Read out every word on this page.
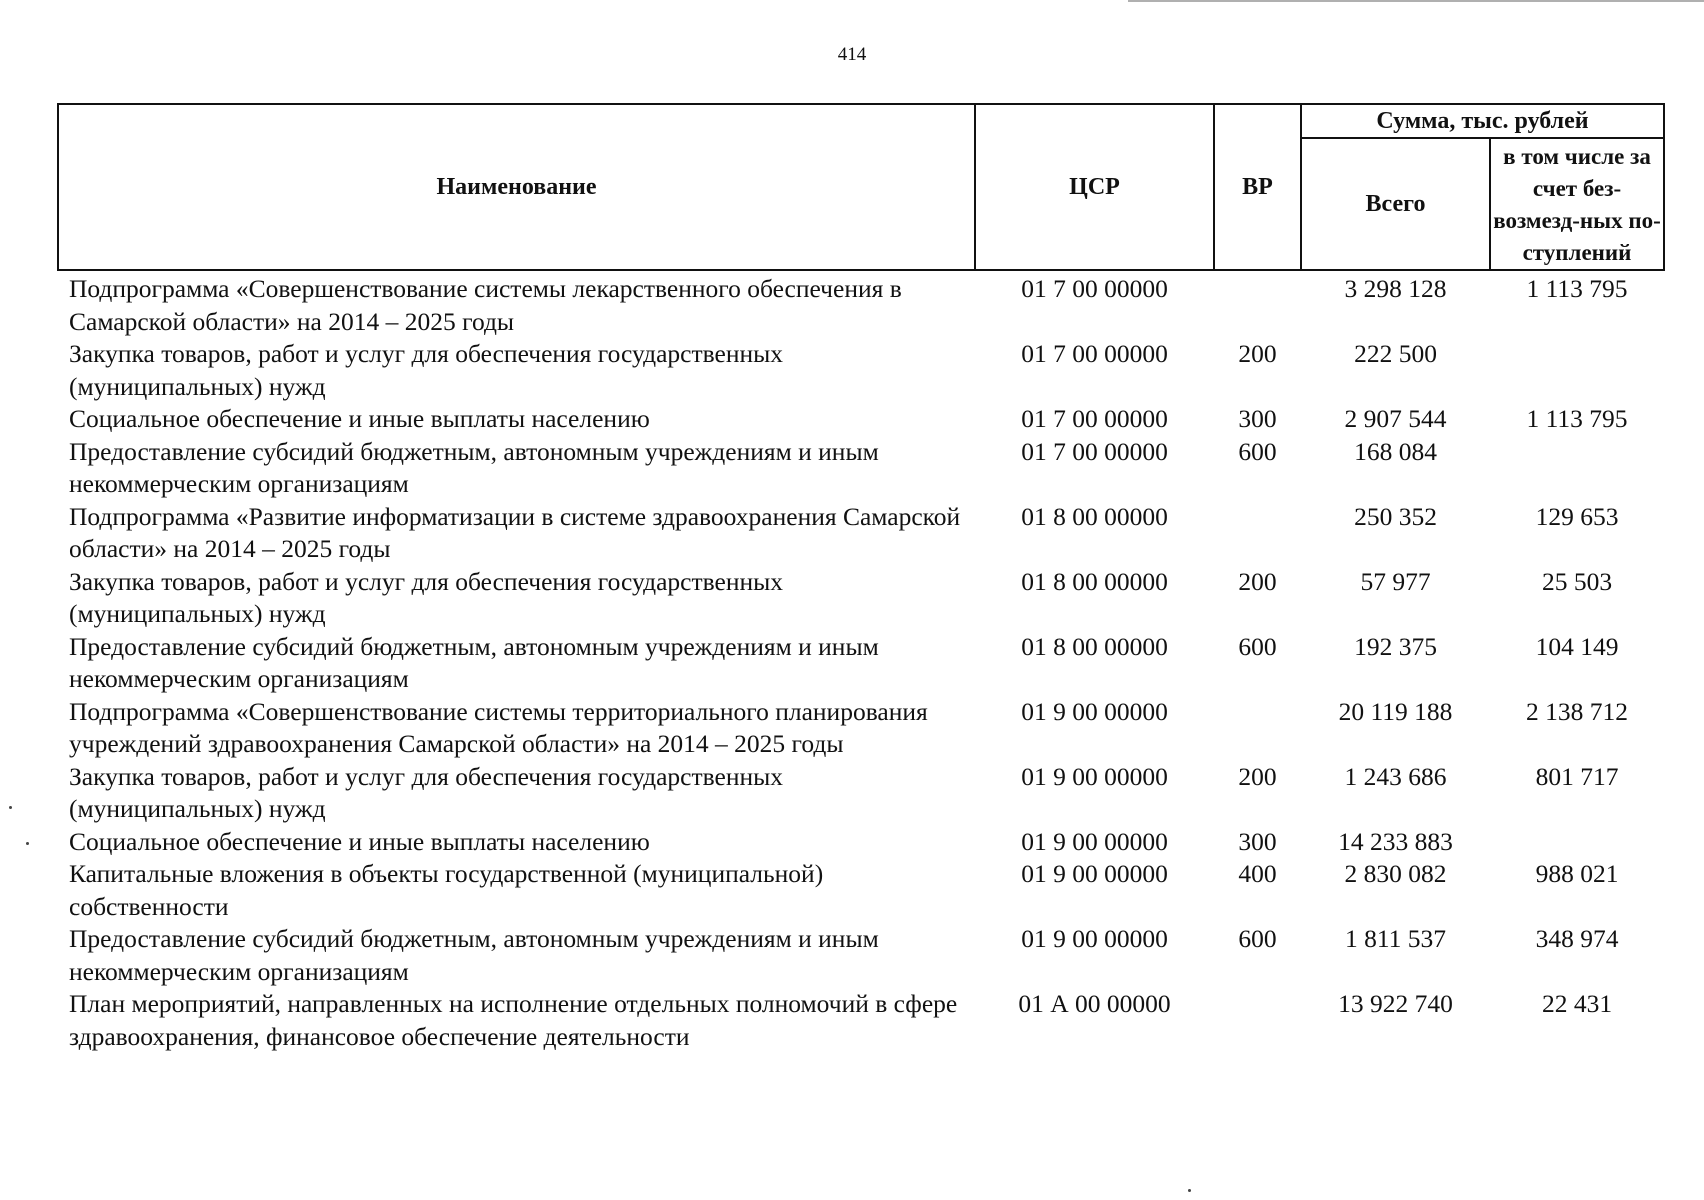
414
Наименование	ЦСР	ВР	Сумма, тыс. рублей	
			Всего	в том числе за счет без-возмезд-ных по-ступлений
Подпрограмма «Совершенствование системы лекарственного обеспечения в Самарской области» на 2014 – 2025 годы	01 7 00 00000		3 298 128	1 113 795
Закупка товаров, работ и услуг для обеспечения государственных (муниципальных) нужд	01 7 00 00000	200	222 500	
Социальное обеспечение и иные выплаты населению	01 7 00 00000	300	2 907 544	1 113 795
Предоставление субсидий бюджетным, автономным учреждениям и иным некоммерческим организациям	01 7 00 00000	600	168 084	
Подпрограмма «Развитие информатизации в системе здравоохранения Самарской области» на 2014 – 2025 годы	01 8 00 00000		250 352	129 653
Закупка товаров, работ и услуг для обеспечения государственных (муниципальных) нужд	01 8 00 00000	200	57 977	25 503
Предоставление субсидий бюджетным, автономным учреждениям и иным некоммерческим организациям	01 8 00 00000	600	192 375	104 149
Подпрограмма «Совершенствование системы территориального планирования учреждений здравоохранения Самарской области» на 2014 – 2025 годы	01 9 00 00000		20 119 188	2 138 712
Закупка товаров, работ и услуг для обеспечения государственных (муниципальных) нужд	01 9 00 00000	200	1 243 686	801 717
Социальное обеспечение и иные выплаты населению	01 9 00 00000	300	14 233 883	
Капитальные вложения в объекты государственной (муниципальной) собственности	01 9 00 00000	400	2 830 082	988 021
Предоставление субсидий бюджетным, автономным учреждениям и иным некоммерческим организациям	01 9 00 00000	600	1 811 537	348 974
План мероприятий, направленных на исполнение отдельных полномочий в сфере здравоохранения, финансовое обеспечение деятельности	01 А 00 00000		13 922 740	22 431
